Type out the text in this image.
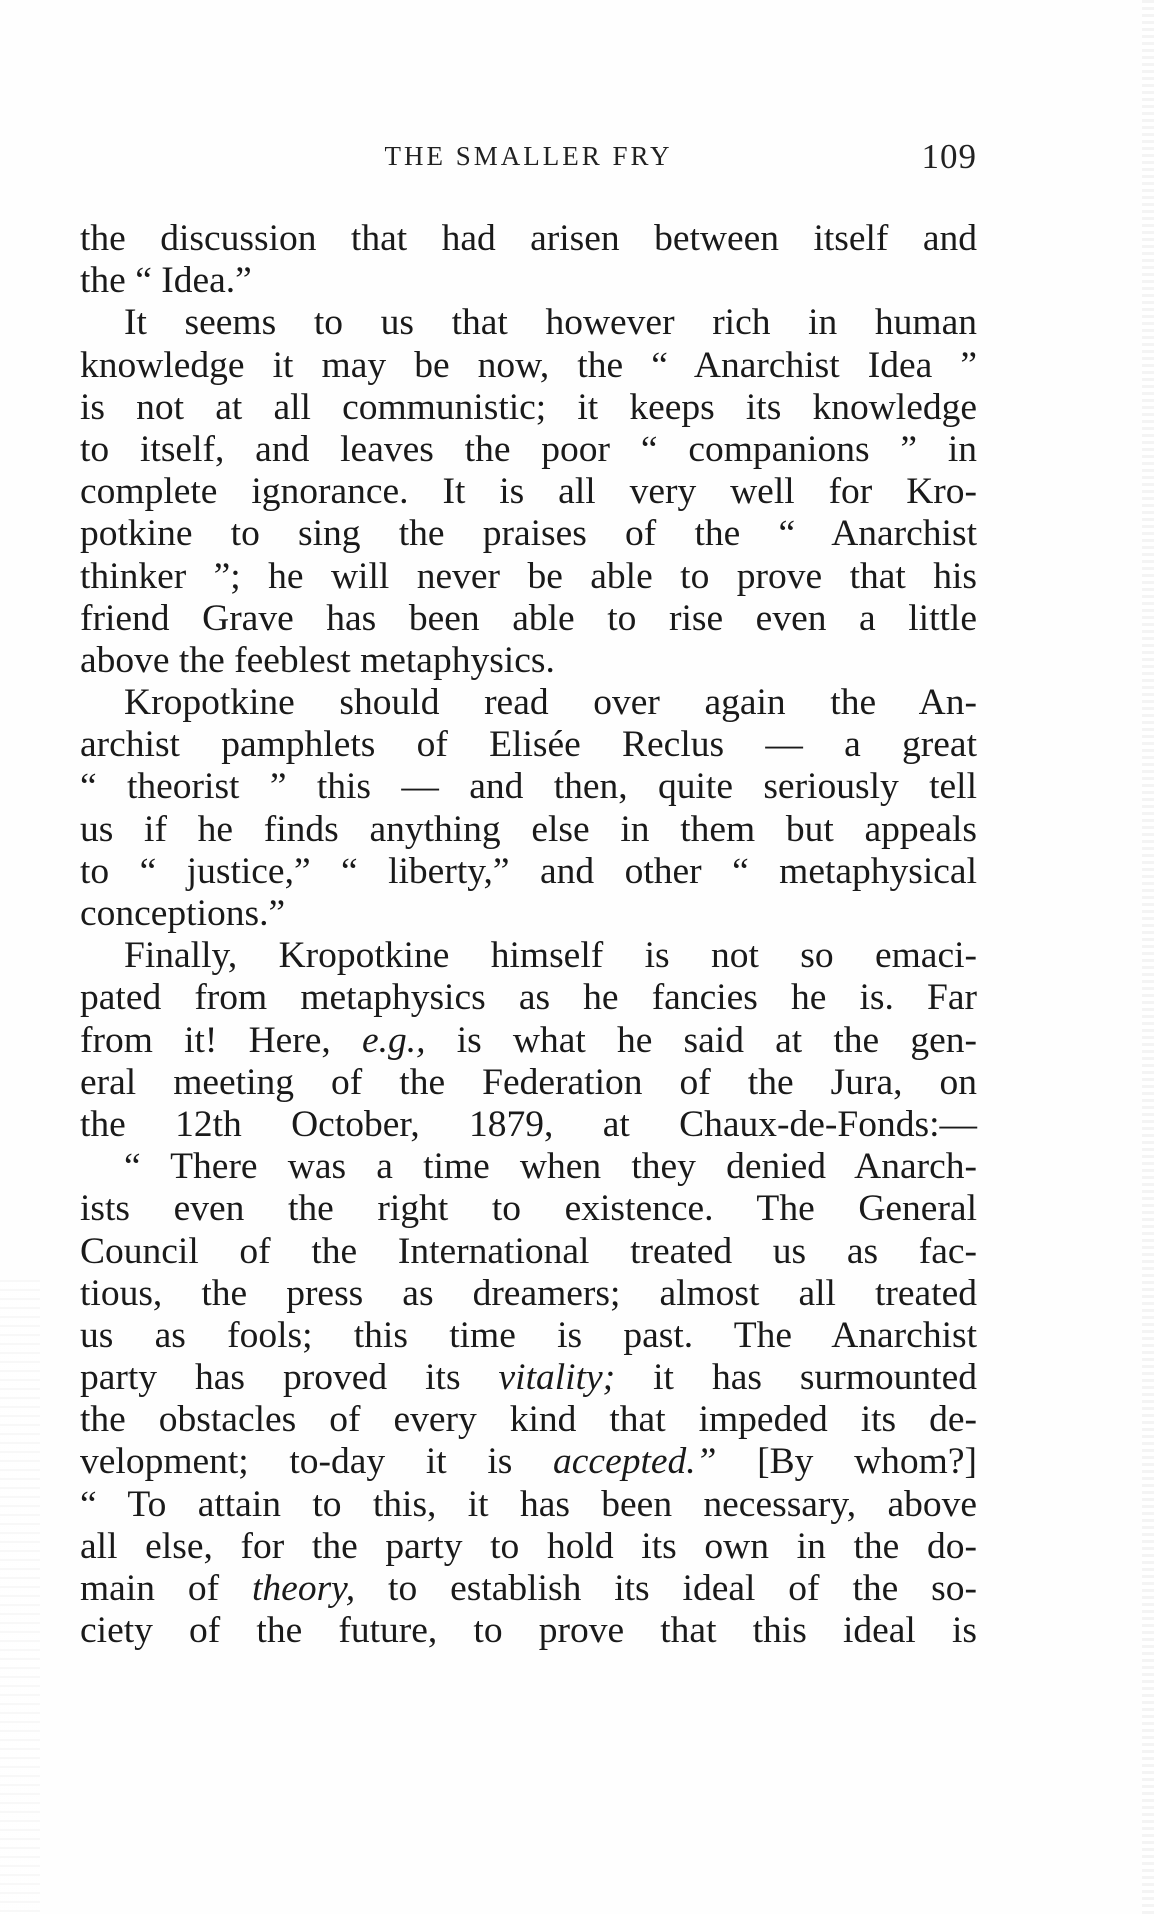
THE SMALLER FRY	109
the discussion that had arisen between itself and
the “ Idea.”
It seems to us that however rich in human
knowledge it may be now, the “ Anarchist Idea ”
is not at all communistic; it keeps its knowledge
to itself, and leaves the poor “ companions ” in
complete ignorance. It is all very well for Kro-
potkine to sing the praises of the “ Anarchist
thinker ”; he will never be able to prove that his
friend Grave has been able to rise even a little
above the feeblest metaphysics.
Kropotkine should read over again the An-
archist pamphlets of Elisée Reclus — a great
“ theorist ” this — and then, quite seriously tell
us if he finds anything else in them but appeals
to “ justice,” “ liberty,” and other “ metaphysical
conceptions.”
Finally, Kropotkine himself is not so emaci-
pated from metaphysics as he fancies he is. Far
from it! Here, e.g., is what he said at the gen-
eral meeting of the Federation of the Jura, on
the 12th October, 1879, at Chaux-de-Fonds:—
“ There was a time when they denied Anarch-
ists even the right to existence. The General
Council of the International treated us as fac-
tious, the press as dreamers; almost all treated
us as fools; this time is past. The Anarchist
party has proved its vitality; it has surmounted
the obstacles of every kind that impeded its de-
velopment; to-day it is accepted.” [By whom?]
“ To attain to this, it has been necessary, above
all else, for the party to hold its own in the do-
main of theory, to establish its ideal of the so-
ciety of the future, to prove that this ideal is
